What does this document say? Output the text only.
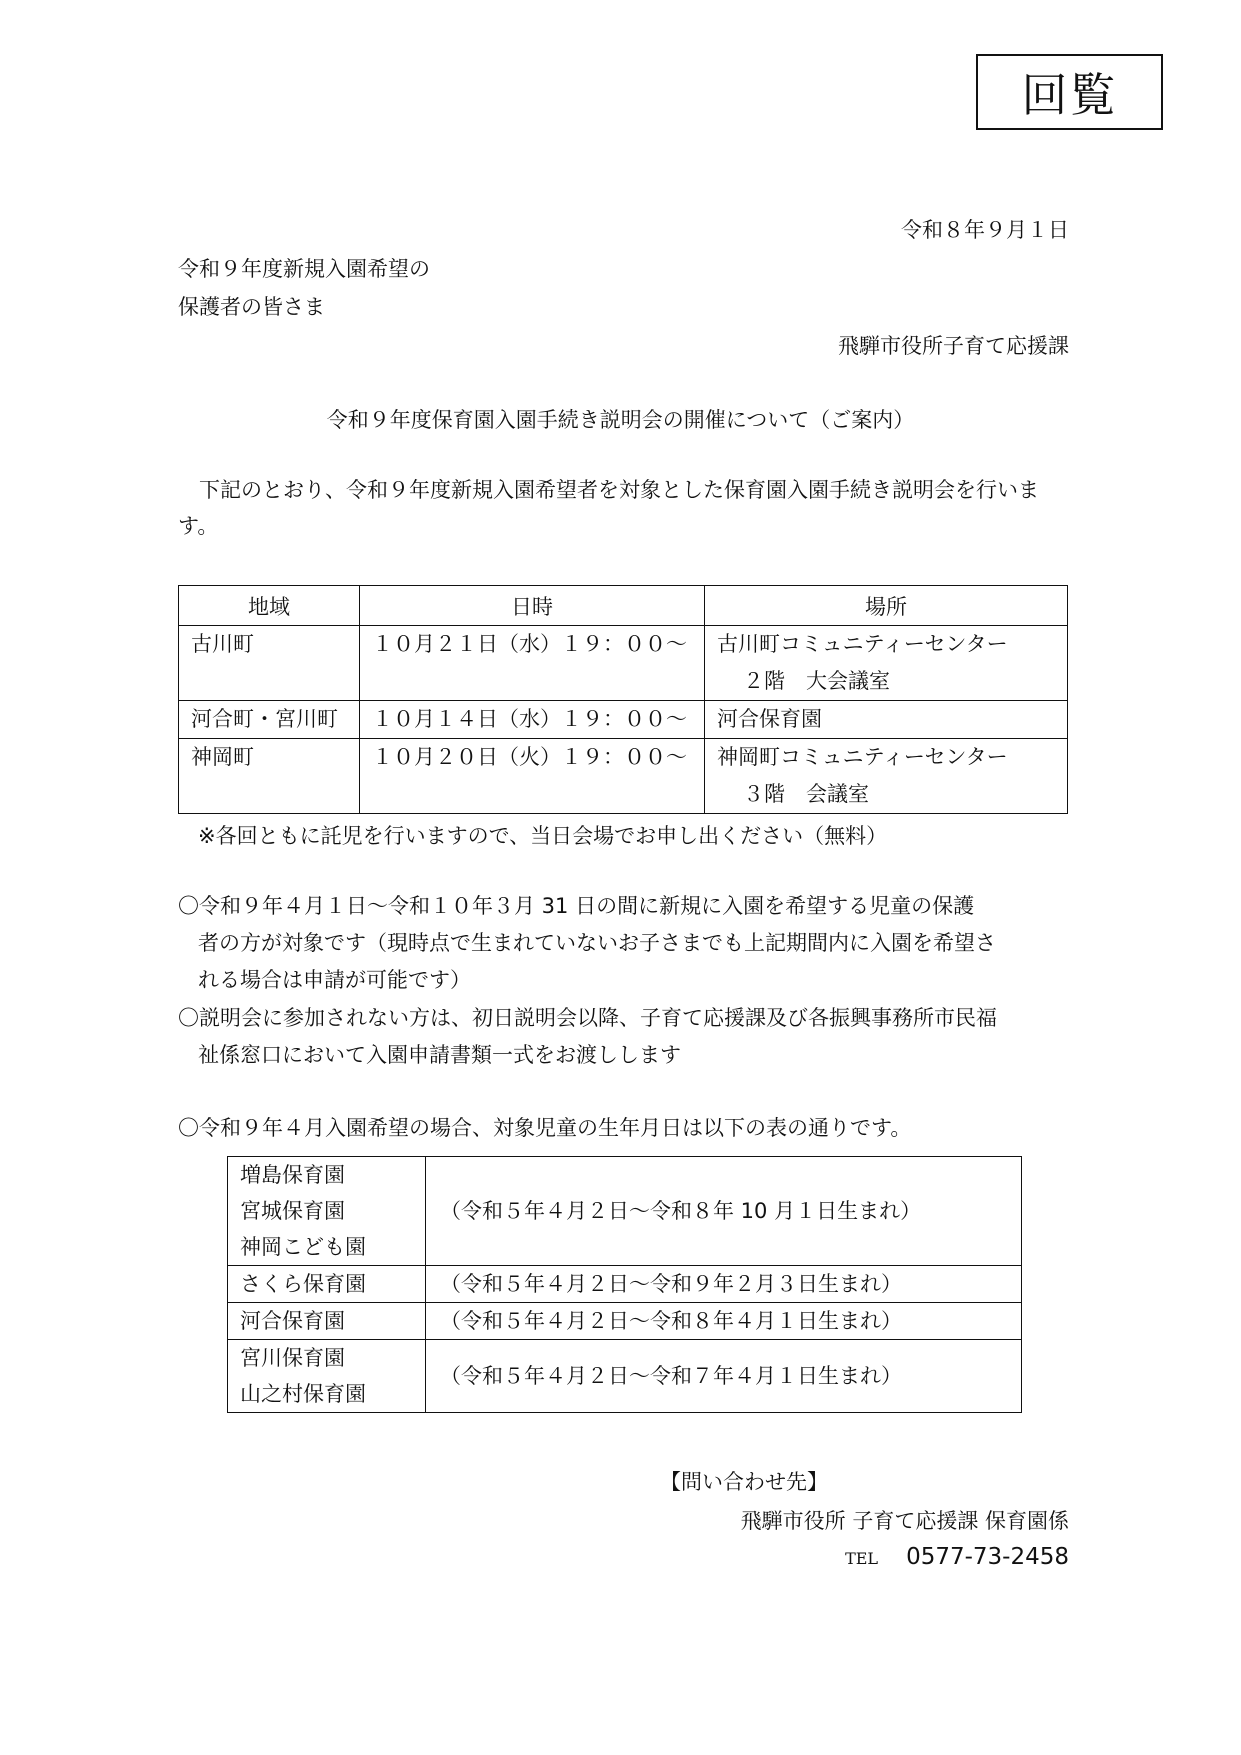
回覧
令和８年９月１日
令和９年度新規入園希望の
保護者の皆さま
飛騨市役所子育て応援課
令和９年度保育園入園手続き説明会の開催について（ご案内）
　下記のとおり、令和９年度新規入園希望者を対象とした保育園入園手続き説明会を行います。
地域	日時	場所
古川町	１０月２１日（水）１９：００～	古川町コミュニティーセンター
２階　大会議室

河合町・宮川町	１０月１４日（水）１９：００～	河合保育園

神岡町	１０月２０日（火）１９：００～	神岡町コミュニティーセンター
３階　会議室
※各回ともに託児を行いますので、当日会場でお申し出ください（無料）
〇令和９年４月１日～令和１０年３月 31 日の間に新規に入園を希望する児童の保護
者の方が対象です（現時点で生まれていないお子さまでも上記期間内に入園を希望さ
れる場合は申請が可能です）
〇説明会に参加されない方は、初日説明会以降、子育て応援課及び各振興事務所市民福
祉係窓口において入園申請書類一式をお渡しします
〇令和９年４月入園希望の場合、対象児童の生年月日は以下の表の通りです。
増島保育園
宮城保育園
神岡こども園	（令和５年４月２日～令和８年 10 月１日生まれ）

さくら保育園	（令和５年４月２日～令和９年２月３日生まれ）

河合保育園	（令和５年４月２日～令和８年４月１日生まれ）

宮川保育園
山之村保育園	（令和５年４月２日～令和７年４月１日生まれ）
【問い合わせ先】
飛騨市役所 子育て応援課 保育園係
TEL 0577-73-2458
